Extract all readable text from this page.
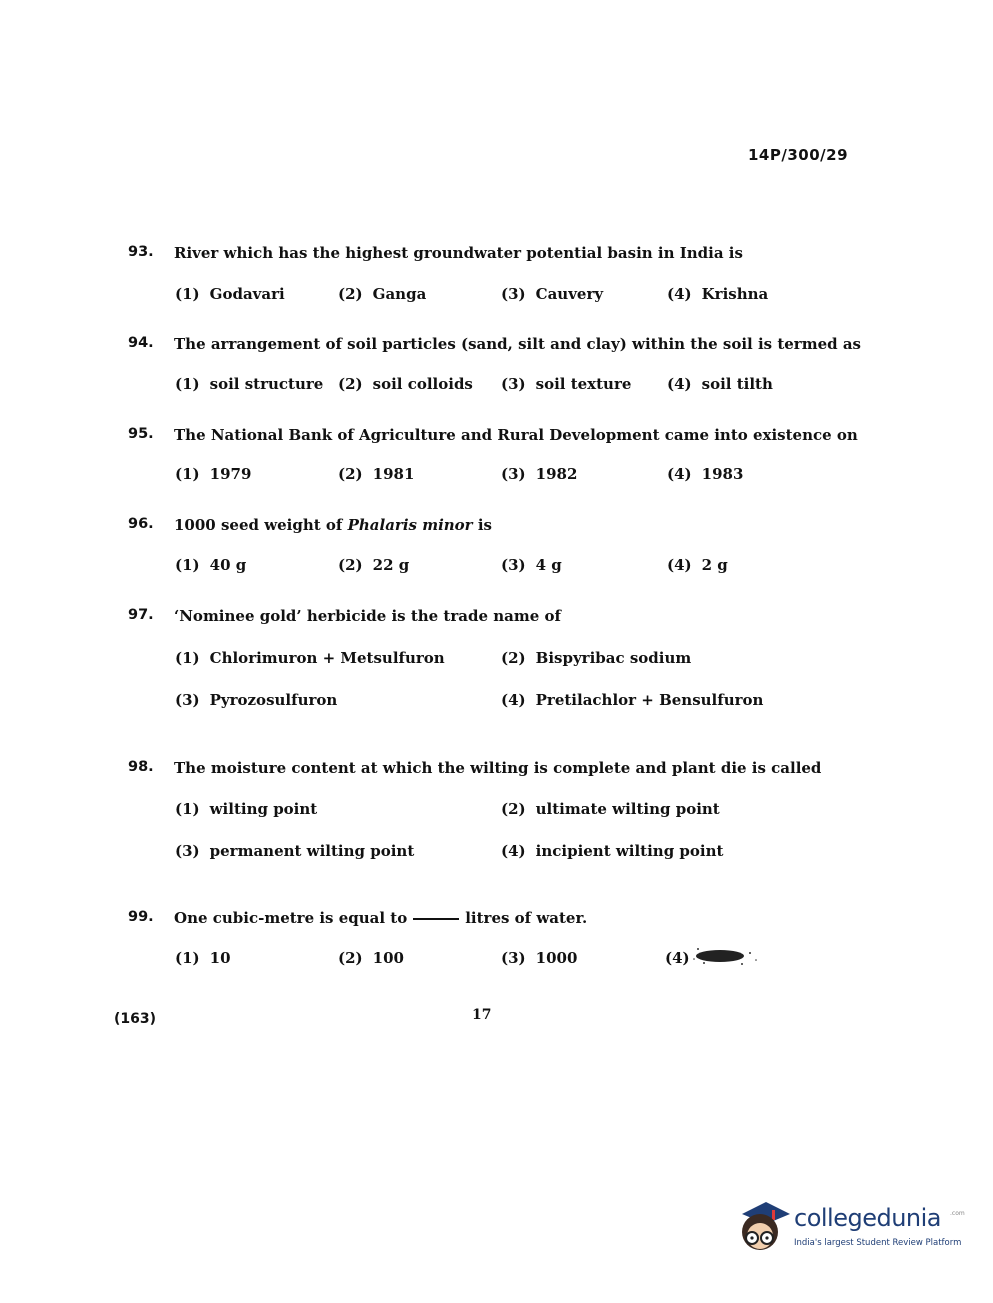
14P/300/29
93. River which has the highest groundwater potential basin in India is
(1) Godavari	(2) Ganga	(3) Cauvery	(4) Krishna
94. The arrangement of soil particles (sand, silt and clay) within the soil is termed as
(1) soil structure (2) soil colloids (3) soil texture (4) soil tilth
95. The National Bank of Agriculture and Rural Development came into existence on
(1) 1979	(2) 1981	(3) 1982	(4) 1983
96. 1000 seed weight of Phalaris minor is
(1) 40 g	(2) 22 g	(3) 4 g	(4) 2 g
97. ‘Nominee gold’ herbicide is the trade name of
(1) Chlorimuron + Metsulfuron	(2) Bispyribac sodium
(3) Pyrozosulfuron	(4) Pretilachlor + Bensulfuron
98. The moisture content at which the wilting is complete and plant die is called
(1) wilting point	(2) ultimate wilting point
(3) permanent wilting point	(4) incipient wilting point
99. One cubic-metre is equal to	litres of water.
(1) 10	(2) 100	(3) 1000	(4)
(163)	17
collegedunia .com
India's largest Student Review Platform
